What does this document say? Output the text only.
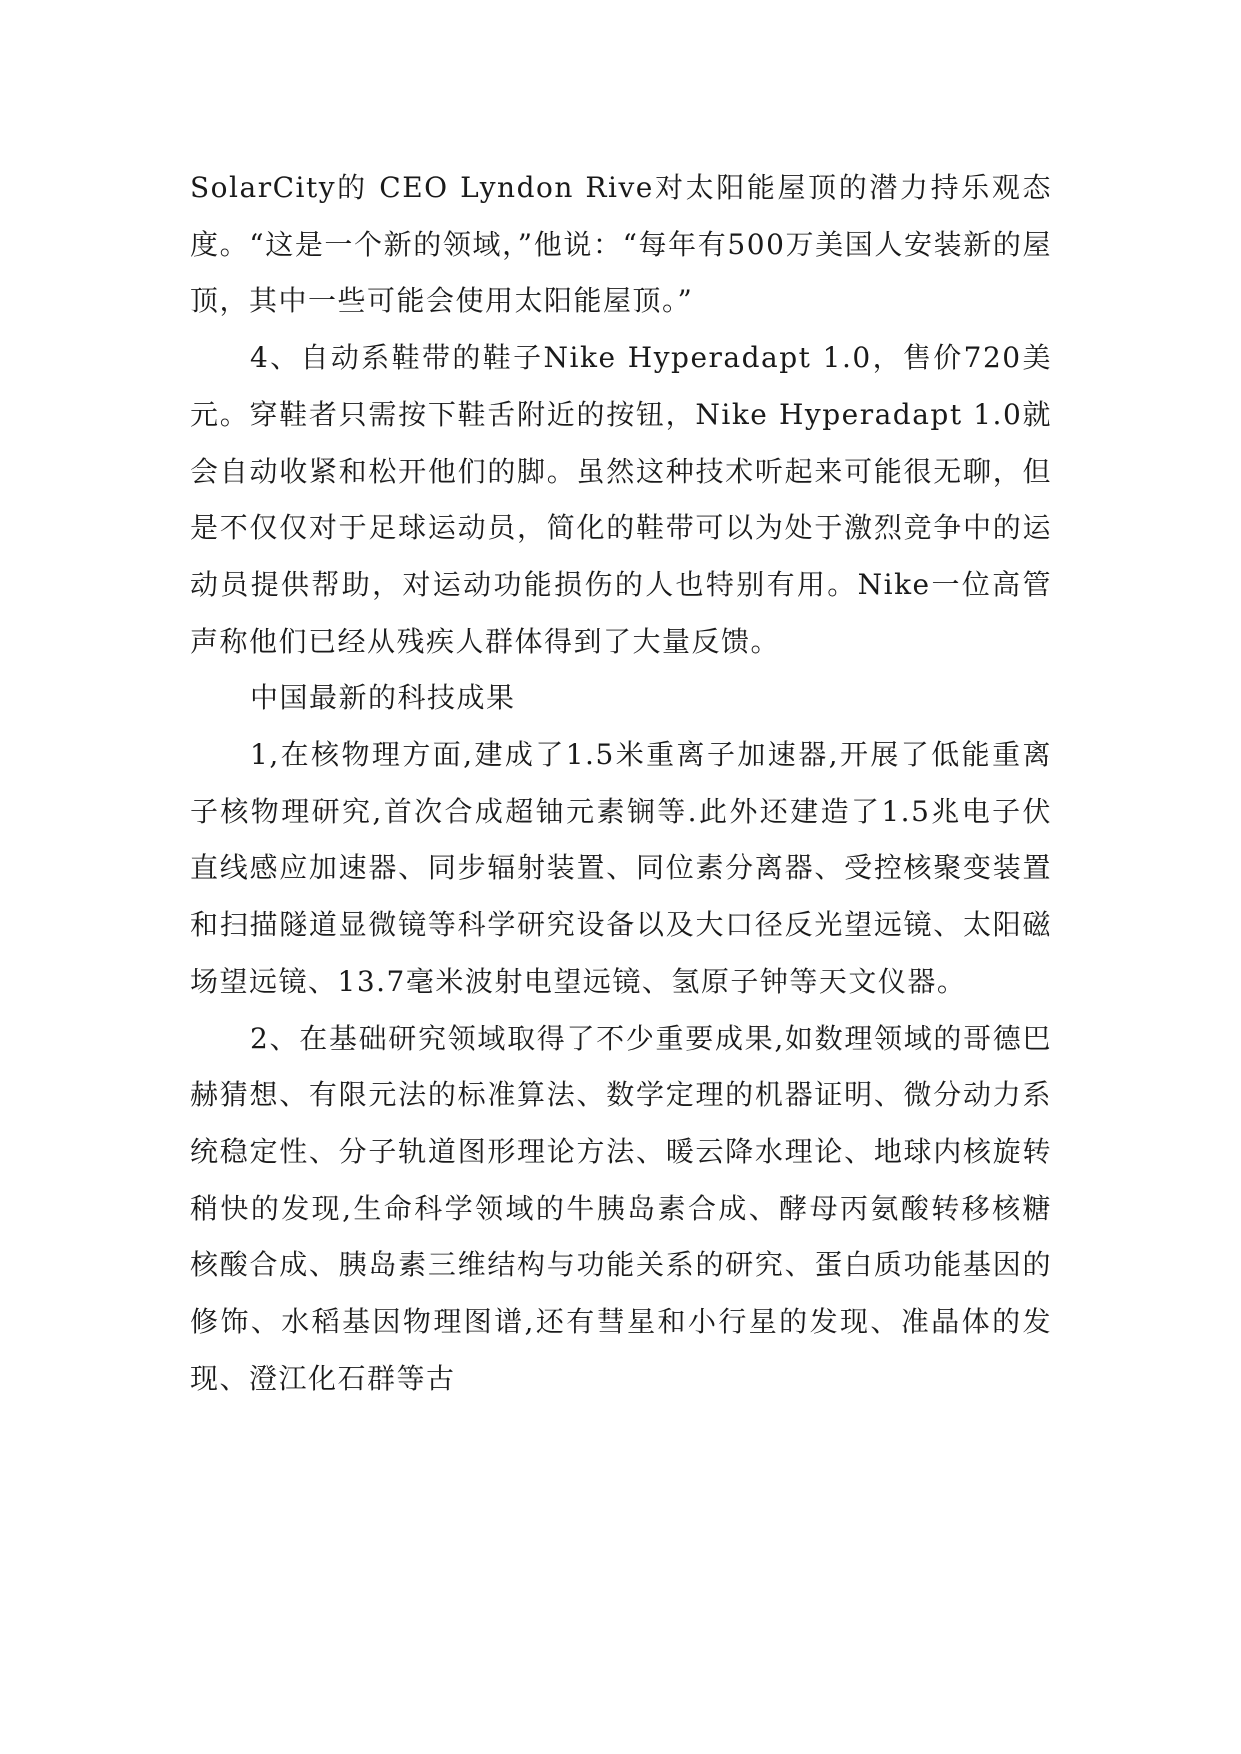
SolarCity的 CEO Lyndon Rive对太阳能屋顶的潜力持乐观态度。“这是一个新的领域，”他说：“每年有500万美国人安装新的屋顶，其中一些可能会使用太阳能屋顶。”

4、自动系鞋带的鞋子Nike Hyperadapt 1.0，售价720美元。穿鞋者只需按下鞋舌附近的按钮，Nike Hyperadapt 1.0就会自动收紧和松开他们的脚。虽然这种技术听起来可能很无聊，但是不仅仅对于足球运动员，简化的鞋带可以为处于激烈竞争中的运动员提供帮助，对运动功能损伤的人也特别有用。Nike一位高管声称他们已经从残疾人群体得到了大量反馈。

中国最新的科技成果

1,在核物理方面,建成了1.5米重离子加速器,开展了低能重离子核物理研究,首次合成超铀元素锎等.此外还建造了1.5兆电子伏直线感应加速器、同步辐射装置、同位素分离器、受控核聚变装置和扫描隧道显微镜等科学研究设备以及大口径反光望远镜、太阳磁场望远镜、13.7毫米波射电望远镜、氢原子钟等天文仪器。

2、在基础研究领域取得了不少重要成果,如数理领域的哥德巴赫猜想、有限元法的标准算法、数学定理的机器证明、微分动力系统稳定性、分子轨道图形理论方法、暖云降水理论、地球内核旋转稍快的发现,生命科学领域的牛胰岛素合成、酵母丙氨酸转移核糖核酸合成、胰岛素三维结构与功能关系的研究、蛋白质功能基因的修饰、水稻基因物理图谱,还有彗星和小行星的发现、准晶体的发现、澄江化石群等古
